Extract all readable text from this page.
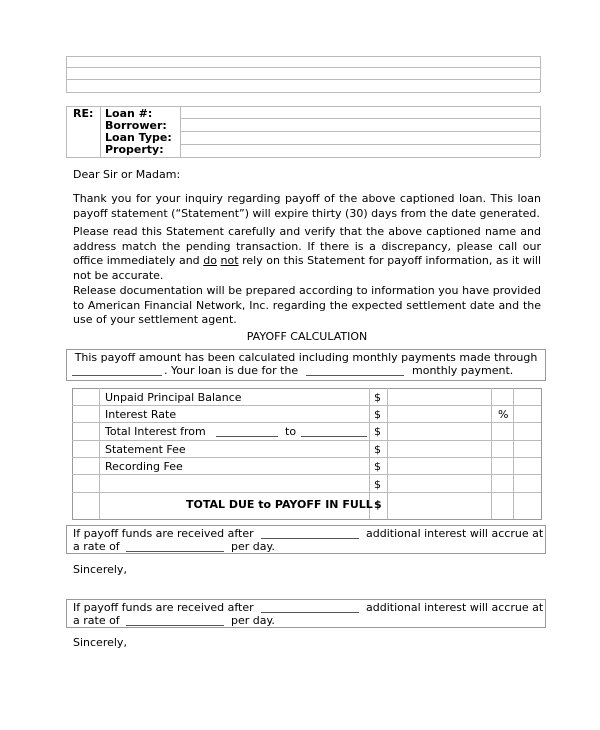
RE: Loan #:
Borrower:
Loan Type:
Property:
Dear Sir or Madam:
Thank you for your inquiry regarding payoff of the above captioned loan. This loan payoff statement (“Statement”) will expire thirty (30) days from the date generated.
Please read this Statement carefully and verify that the above captioned name and address match the pending transaction. If there is a discrepancy, please call our office immediately and do not rely on this Statement for payoff information, as it will not be accurate.
Release documentation will be prepared according to information you have provided to American Financial Network, Inc. regarding the expected settlement date and the use of your settlement agent.
PAYOFF CALCULATION
This payoff amount has been calculated including monthly payments made through
. Your loan is due for the	monthly payment.
Unpaid Principal Balance	$
Interest Rate	$	%
Total Interest from	to	$
Statement Fee	$
Recording Fee	$
$
TOTAL DUE to PAYOFF IN FULL $
If payoff funds are received after	additional interest will accrue at
a rate of	per day.
Sincerely,
If payoff funds are received after	additional interest will accrue at
a rate of	per day.
Sincerely,
